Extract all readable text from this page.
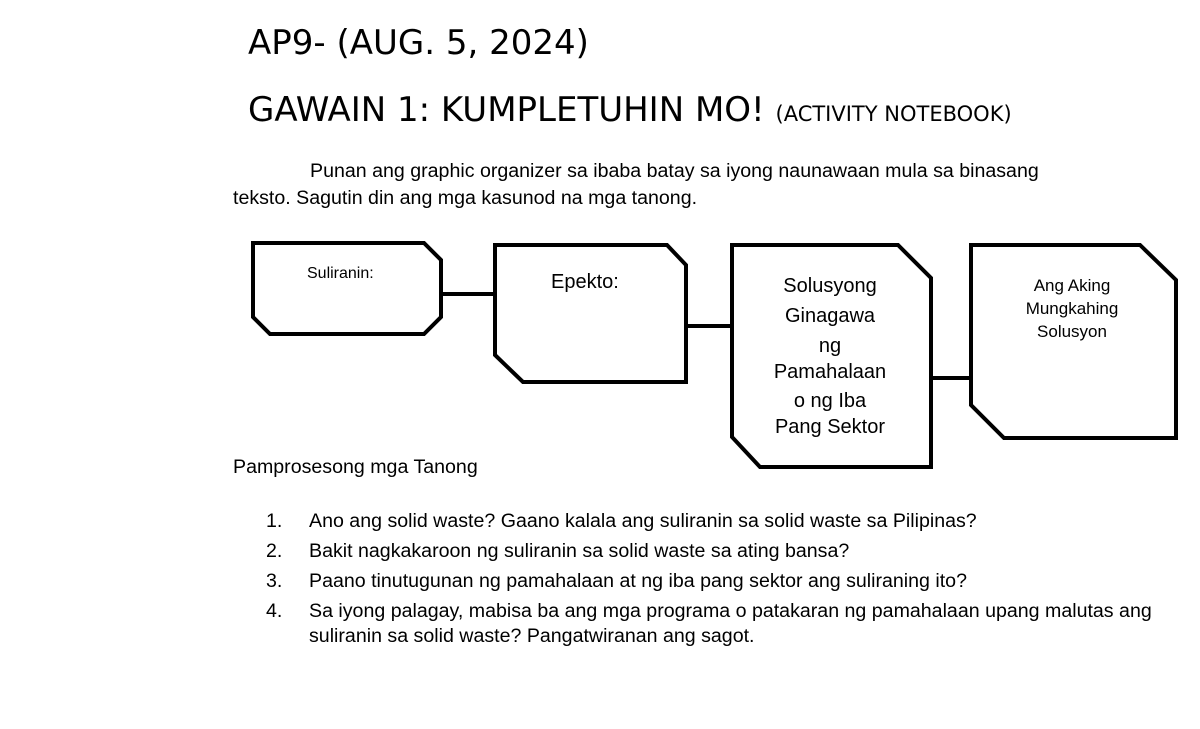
AP9- (AUG. 5, 2024)
GAWAIN 1: KUMPLETUHIN MO! (ACTIVITY NOTEBOOK)
Punan ang graphic organizer sa ibaba batay sa iyong naunawaan mula sa binasang
teksto. Sagutin din ang mga kasunod na mga tanong.
Suliranin:	Epekto:	Solusyong
Ginagawa
ng
Pamahalaan
o ng Iba
Pang Sektor
Ang Aking
Mungkahing
Solusyon
Pamprosesong mga Tanong
1.	Ano ang solid waste? Gaano kalala ang suliranin sa solid waste sa Pilipinas?
2.	Bakit nagkakaroon ng suliranin sa solid waste sa ating bansa?
3.	Paano tinutugunan ng pamahalaan at ng iba pang sektor ang suliraning ito?
4.	Sa iyong palagay, mabisa ba ang mga programa o patakaran ng pamahalaan upang malutas ang suliranin sa solid waste? Pangatwiranan ang sagot.
